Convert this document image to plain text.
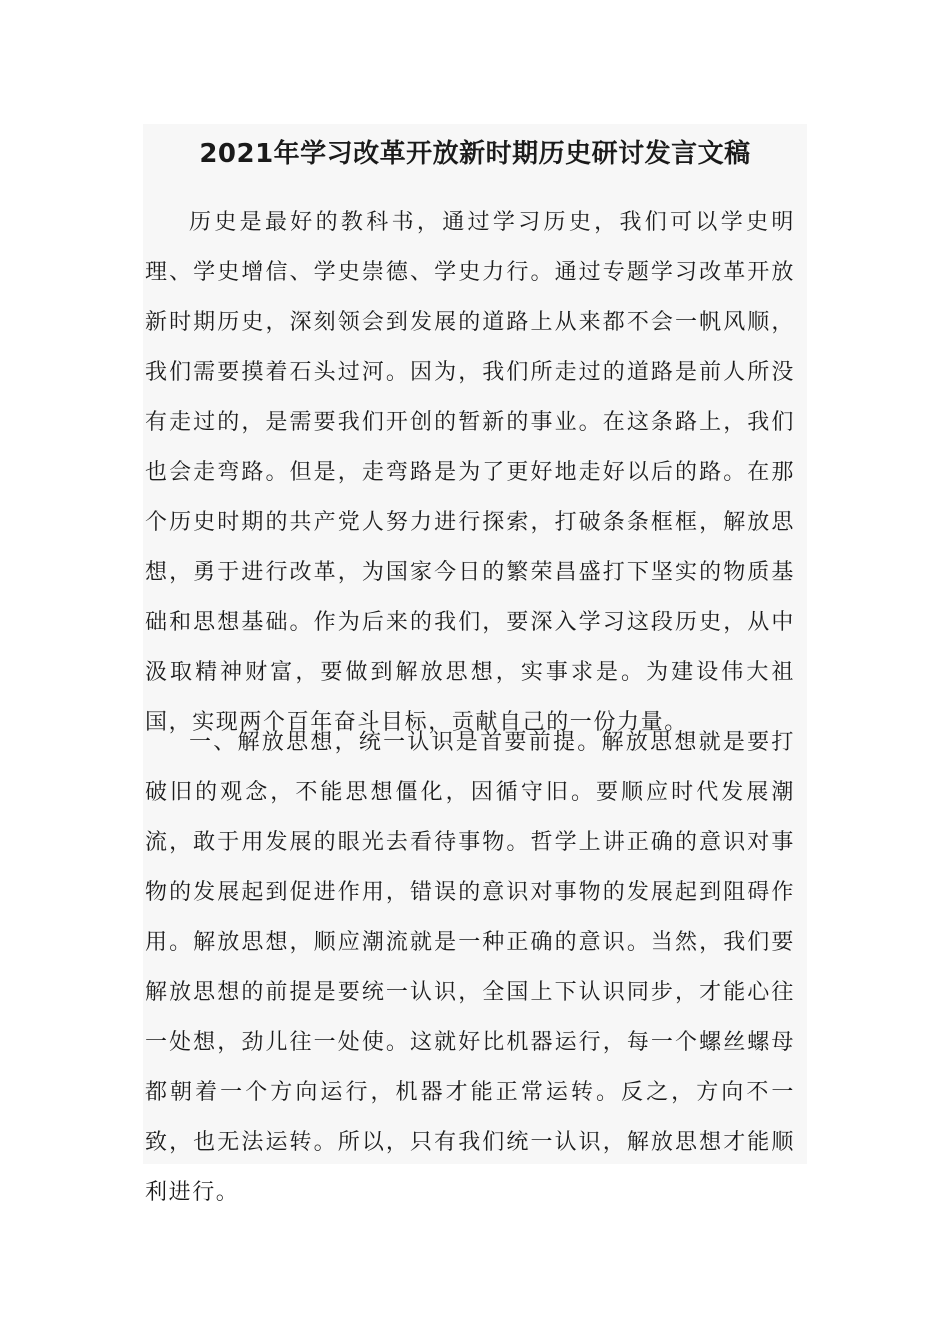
2021年学习改革开放新时期历史研讨发言文稿

历史是最好的教科书，通过学习历史，我们可以学史明理、学史增信、学史崇德、学史力行。通过专题学习改革开放新时期历史，深刻领会到发展的道路上从来都不会一帆风顺，我们需要摸着石头过河。因为，我们所走过的道路是前人所没有走过的，是需要我们开创的暂新的事业。在这条路上，我们也会走弯路。但是，走弯路是为了更好地走好以后的路。在那个历史时期的共产党人努力进行探索，打破条条框框，解放思想，勇于进行改革，为国家今日的繁荣昌盛打下坚实的物质基础和思想基础。作为后来的我们，要深入学习这段历史，从中汲取精神财富，要做到解放思想，实事求是。为建设伟大祖国，实现两个百年奋斗目标，贡献自己的一份力量。

一、解放思想，统一认识是首要前提。解放思想就是要打破旧的观念，不能思想僵化，因循守旧。要顺应时代发展潮流，敢于用发展的眼光去看待事物。哲学上讲正确的意识对事物的发展起到促进作用，错误的意识对事物的发展起到阻碍作用。解放思想，顺应潮流就是一种正确的意识。当然，我们要解放思想的前提是要统一认识，全国上下认识同步，才能心往一处想，劲儿往一处使。这就好比机器运行，每一个螺丝螺母都朝着一个方向运行，机器才能正常运转。反之，方向不一致，也无法运转。所以，只有我们统一认识，解放思想才能顺利进行。
